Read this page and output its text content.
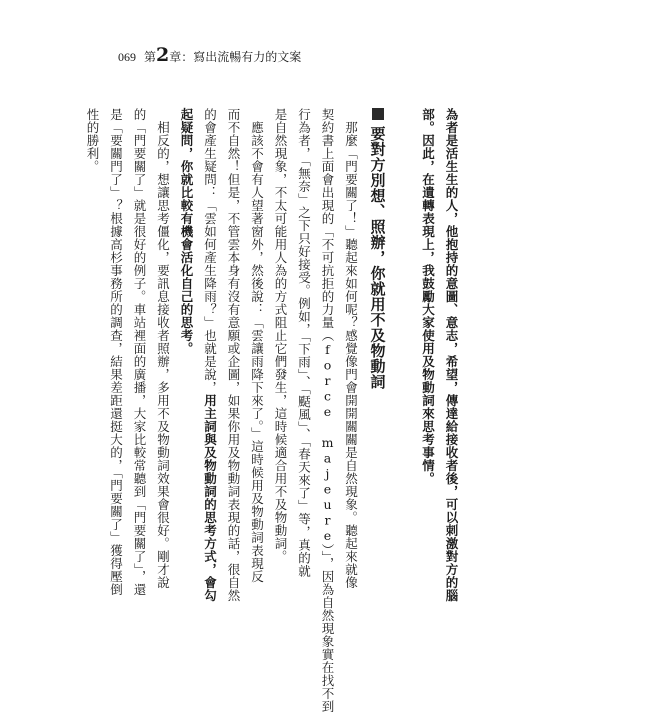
069 第 2 章： 寫出流暢有力的文案
為者是活生生的人，他抱持的意圖、意志，希望，傳達給接收者後，可以刺激對方的腦
部。因此，在遺轉表現上，我鼓勵大家使用及物動詞來思考事情。

要對方別想、照辦，你就用不及物動詞
那麼「門要關了！」聽起來如何呢？感覺像門會開開關關是自然現象。聽起來就像
契約書上面會出現的「不可抗拒的力量（force majeure）」，因為自然現象實在找不到
行為者，「無奈」之下只好接受。例如，「下雨」、「颳風」、「春天來了」等，真的就
是自然現象，不太可能用人為的方式阻止它們發生，這時候適合用不及物動詞。
應該不會有人望著窗外，然後說：「雲讓雨降下來了。」這時候用及物動詞表現反
而不自然！但是，不管雲本身有沒有意願或企圖，如果你用及物動詞表現的話，很自然
的會產生疑問：「雲如何產生降雨？」也就是說，用主詞與及物動詞的思考方式，會勾
起疑問，你就比較有機會活化自己的思考。
相反的，想讓思考僵化，要訊息接收者照辦，多用不及物動詞效果會很好。剛才說
的「門要關了」就是很好的例子。車站裡面的廣播，大家比較常聽到「門要關了」，還
是「要關門了」？根據高杉事務所的調查，結果差距還挺大的，「門要關了」獲得壓倒
性的勝利。
